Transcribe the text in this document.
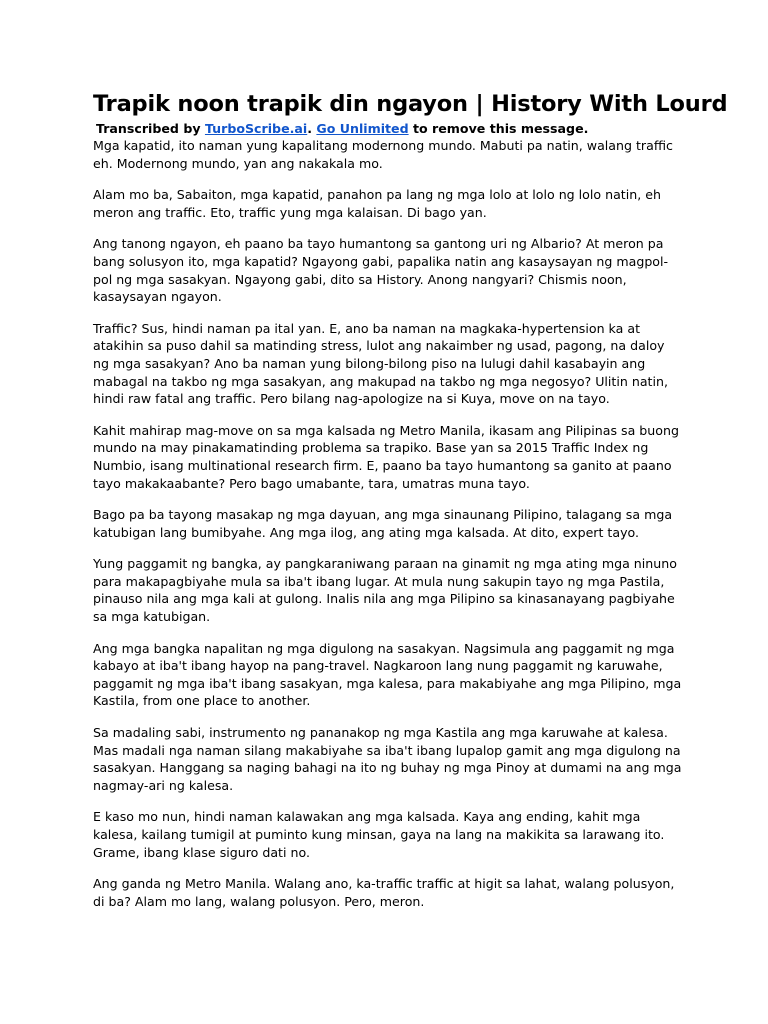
Trapik noon trapik din ngayon | History With Lourd
Transcribed by TurboScribe.ai. Go Unlimited to remove this message.

Mga kapatid, ito naman yung kapalitang modernong mundo. Mabuti pa natin, walang traffic eh. Modernong mundo, yan ang nakakala mo.

Alam mo ba, Sabaiton, mga kapatid, panahon pa lang ng mga lolo at lolo ng lolo natin, eh meron ang traffic. Eto, traffic yung mga kalaisan. Di bago yan.

Ang tanong ngayon, eh paano ba tayo humantong sa gantong uri ng Albario? At meron pa bang solusyon ito, mga kapatid? Ngayong gabi, papalika natin ang kasaysayan ng magpol-pol ng mga sasakyan. Ngayong gabi, dito sa History. Anong nangyari? Chismis noon, kasaysayan ngayon.

Traffic? Sus, hindi naman pa ital yan. E, ano ba naman na magkaka-hypertension ka at atakihin sa puso dahil sa matinding stress, lulot ang nakaimber ng usad, pagong, na daloy ng mga sasakyan? Ano ba naman yung bilong-bilong piso na lulugi dahil kasabayin ang mabagal na takbo ng mga sasakyan, ang makupad na takbo ng mga negosyo? Ulitin natin, hindi raw fatal ang traffic. Pero bilang nag-apologize na si Kuya, move on na tayo.

Kahit mahirap mag-move on sa mga kalsada ng Metro Manila, ikasam ang Pilipinas sa buong mundo na may pinakamatinding problema sa trapiko. Base yan sa 2015 Traffic Index ng Numbio, isang multinational research firm. E, paano ba tayo humantong sa ganito at paano tayo makakaabante? Pero bago umabante, tara, umatras muna tayo.

Bago pa ba tayong masakap ng mga dayuan, ang mga sinaunang Pilipino, talagang sa mga katubigan lang bumibyahe. Ang mga ilog, ang ating mga kalsada. At dito, expert tayo.

Yung paggamit ng bangka, ay pangkaraniwang paraan na ginamit ng mga ating mga ninuno para makapagbiyahe mula sa iba't ibang lugar. At mula nung sakupin tayo ng mga Pastila, pinauso nila ang mga kali at gulong. Inalis nila ang mga Pilipino sa kinasanayang pagbiyahe sa mga katubigan.

Ang mga bangka napalitan ng mga digulong na sasakyan. Nagsimula ang paggamit ng mga kabayo at iba't ibang hayop na pang-travel. Nagkaroon lang nung paggamit ng karuwahe, paggamit ng mga iba't ibang sasakyan, mga kalesa, para makabiyahe ang mga Pilipino, mga Kastila, from one place to another.

Sa madaling sabi, instrumento ng pananakop ng mga Kastila ang mga karuwahe at kalesa. Mas madali nga naman silang makabiyahe sa iba't ibang lupalop gamit ang mga digulong na sasakyan. Hanggang sa naging bahagi na ito ng buhay ng mga Pinoy at dumami na ang mga nagmay-ari ng kalesa.

E kaso mo nun, hindi naman kalawakan ang mga kalsada. Kaya ang ending, kahit mga kalesa, kailang tumigil at puminto kung minsan, gaya na lang na makikita sa larawang ito. Grame, ibang klase siguro dati no.

Ang ganda ng Metro Manila. Walang ano, ka-traffic traffic at higit sa lahat, walang polusyon, di ba? Alam mo lang, walang polusyon. Pero, meron.
